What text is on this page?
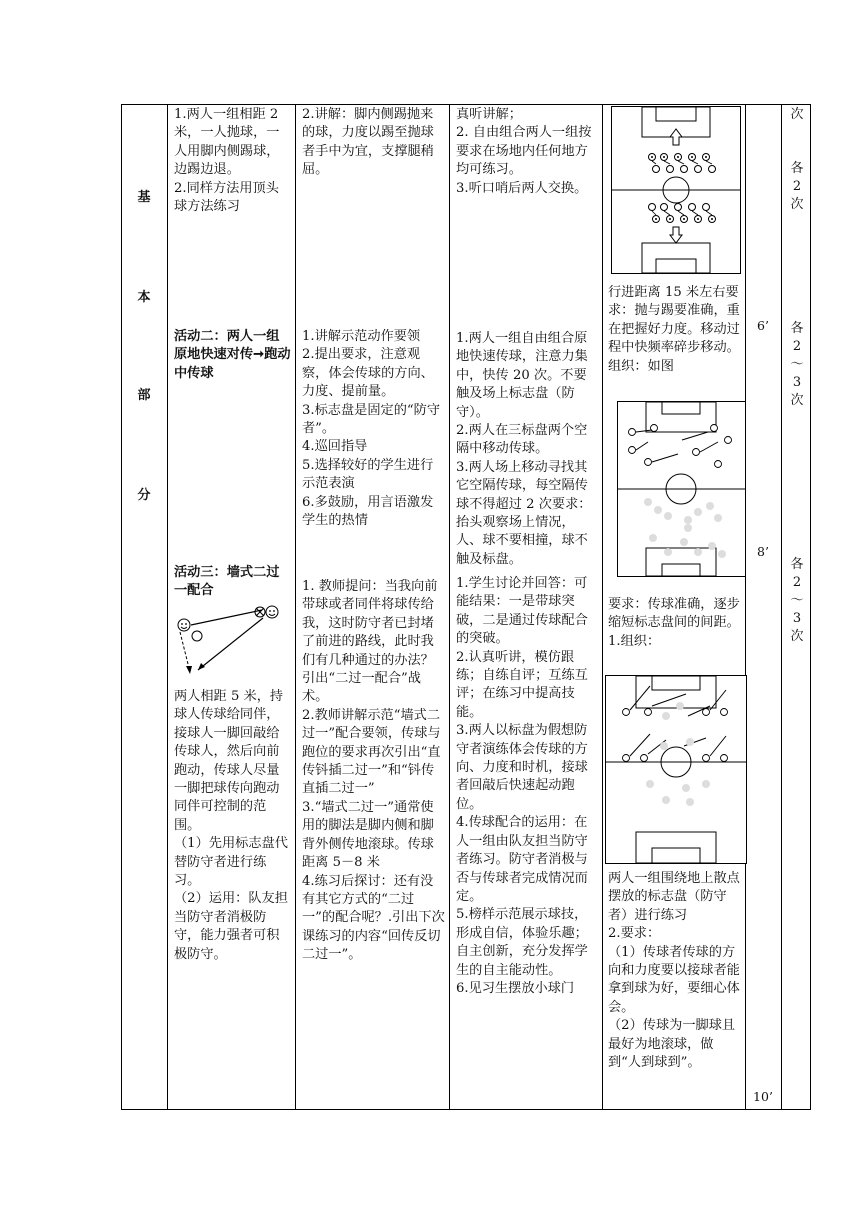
基
本
部
分
1.两人一组相距 2 米，一人抛球，一人用脚内侧踢球，边踢边退。
2.同样方法用顶头球方法练习
活动二：两人一组原地快速对传➞跑动中传球
活动三：墙式二过一配合
两人相距 5 米，持球人传球给同伴，接球人一脚回敲给传球人，然后向前跑动，传球人尽量一脚把球传向跑动同伴可控制的范围。
（1）先用标志盘代替防守者进行练习。
（2）运用：队友担当防守者消极防守，能力强者可积极防守。
2.讲解：脚内侧踢抛来的球，力度以踢至抛球者手中为宜，支撑腿稍屈。
1.讲解示范动作要领
2.提出要求，注意观察，体会传球的方向、力度、提前量。
3.标志盘是固定的“防守者”。
4.巡回指导
5.选择较好的学生进行示范表演
6.多鼓励，用言语激发学生的热情
1. 教师提问：当我向前带球或者同伴将球传给我，这时防守者已封堵了前进的路线，此时我们有几种通过的办法？引出“二过一配合”战术。
2.教师讲解示范“墙式二过一”配合要领，传球与跑位的要求再次引出“直传钭插二过一”和“钭传直插二过一”
3.“墙式二过一”通常使用的脚法是脚内侧和脚背外侧传地滚球。传球距离 5－8 米
4.练习后探讨：还有没有其它方式的“二过一”的配合呢？.引出下次课练习的内容“回传反切二过一”。
真听讲解；
2. 自由组合两人一组按要求在场地内任何地方均可练习。
3.听口哨后两人交换。
1.两人一组自由组合原地快速传球，注意力集中，快传 20 次。不要触及场上标志盘（防守）。
2.两人在三标盘两个空隔中移动传球。
3.两人场上移动寻找其它空隔传球，每空隔传球不得超过 2 次要求：抬头观察场上情况，人、球不要相撞，球不触及标盘。
1.学生讨论并回答：可能结果：一是带球突破，二是通过传球配合的突破。
2.认真听讲，模仿跟练；自练自评；互练互评；在练习中提高技能。
3.两人以标盘为假想防守者演练体会传球的方向、力度和时机，接球者回敲后快速起动跑位。
4.传球配合的运用：在人一组由队友担当防守者练习。防守者消极与否与传球者完成情况而定。
5.榜样示范展示球技，形成自信，体验乐趣；自主创新，充分发挥学生的自主能动性。
6.见习生摆放小球门
行进距离 15 米左右要求：抛与踢要准确，重在把握好力度。移动过程中快频率碎步移动。
组织：如图
要求：传球准确，逐步缩短标志盘间的间距。
1.组织：
两人一组围绕地上散点摆放的标志盘（防守者）进行练习
2.要求：
（1）传球者传球的方向和力度要以接球者能拿到球为好，要细心体会。
（2）传球为一脚球且最好为地滚球，做到“人到球到”。
6’
8’
10’
次
各
2
次
各
2
～
3
次
各
2
～
3
次
